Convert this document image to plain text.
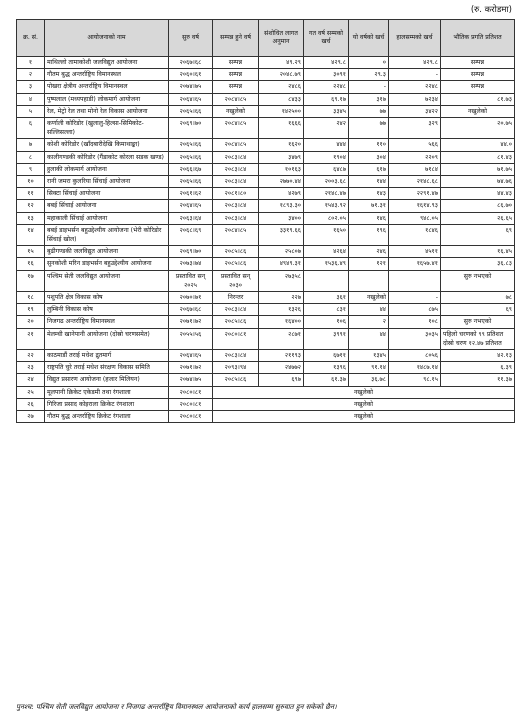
(रु. करोडमा)
क्र. सं.	आयोजनाको नाम	सुरु वर्ष	सम्पन्न हुने वर्ष	संशोधित लागत अनुमान	गत वर्ष सम्मको खर्च	यो वर्षको खर्च	हालसम्मको खर्च	भौतिक प्रगति प्रतिशत
१	माथिल्लो तामाकोशी जलविद्युत आयोजना	२०६७।६८	सम्पन्न	४९.२९	४२९.८	०	४२९.८	सम्पन्न
२	गौतम बुद्ध अन्तर्राष्ट्रिय विमानस्थल	२०६०।६१	सम्पन्न	२०४८.७९	३०९१	२९.३	-	सम्पन्न
३	पोखरा क्षेत्रीय अन्तर्राष्ट्रिय विमानस्थल	२०७४।७५	सम्पन्न	२४८६	२२४८	-	२२४८	सम्पन्न
४	पुष्पलाल (मध्यपहाडी) लोकमार्ग आयोजना	२०६४।६५	२०८४।८५	८४३३	६९.१७	३१७	७२३४	८१.७३
५	रेल, मेट्रो रेल तथा मोनो रेल विकास आयोजना	२०६५।६६	नखुलेको	१४२५००	३३४५	७७	३४२२	नखुलेको
६	कर्णाली कोरिडोर (खुलालु-हिल्सा-सिमिकोट-सल्लिसल्ला)	२०६९।७०	२०८४।८५	१६६६	२४२	७७	३२९	२०.७५
७	कोशी कोरिडोर (खाँदबारीदेखि किमाथाङ्का)	२०६५।६६	२०८४।८५	१६२०	४४४	११०	५६६	४४.०
८	कालीगण्डकी कोरिडोर (गैंडाकोट कोरला सडक खण्ड)	२०६५।६६	२०८३।८४	३४७९	१९०४	३०४	२२०९	८१.४३
९	हुलाकी लोकमार्ग आयोजना	२०६६।६७	२०८३।८४	१०१६३	६४८७	६१७	७१८४	७१.७५
१०	रानी जमरा कुलरिया सिंचाई आयोजना	२०६५।६६	२०८३।८४	२७७०.४४	२००३.६८	१४४	२१४८.६८	७४.७६
११	सिक्टा सिंचाई आयोजना	२०६१।६२	२०८१।८०	४२७९	२१४८.४७	१४३	२२९१.४७	४४.४३
१२	बबई सिंचाई आयोजना	२०६४।६५	२०८३।८४	१८९३.३०	१५४३.९२	७१.३१	१६१४.९३	८६.७०
१३	महाकाली सिंचाई आयोजना	२०६३।६४	२०८३।८४	३४००	८०२.०५	१४६	९४८.०५	२६.६५
१४	बबई डाइभर्सन बहुउद्देश्यीय आयोजना (भेरी कोरिडोर सिंचाई खोल)	२०६८।६९	२०८४।८५	३३१९.६६	१६५०	१९६	१८४६	६९
१५	बुढीगण्डकी जलविद्युत आयोजना	२०६९।७०	२०८५।८६	२५८०७	४२६४	२४६	४५११	१६.४५
१६	सुनकोशी मरिन डाइभर्सन बहुउद्देश्यीय आयोजना	२०७३।७४	२०८५।८६	४९४९.३१	१५३६.४९	१२१	१६५७.४१	३६.८३
१७	पश्चिम सेती जलविद्युत आयोजना	प्रस्तावित सन् २०२५	प्रस्तावित सन् २०३०	२७३५८				सुरु नभएको
१८	पशुपति क्षेत्र विकास कोष	२०७०।७१	निरन्तर	२२७	३६१	नखुलेको	-	७८
१९	लुम्बिनी विकास कोष	२०६७।६८	२०८३।८४	१३२६	८३१	४४	८७५	६९
२०	निजगढ अन्तर्राष्ट्रिय विमानस्थल	२०७१।७२	२०८५।८६	१६४००	१०६	२	१०८	सुरु नभएको
२१	मेलम्ची खानेपानी आयोजना (दोस्रो चरणसमेत)	२०५५।५६	२०८०।८१	२८७१	३९९१	४४	३०३५	पहिलो चरणको ९९ प्रतिशत दोस्रो चरण १२.४७ प्रतिशत
२२	काठमाडौं तराई मधेश द्रुतमार्ग	२०६४।६५	२०८३।८४	२११९३	६७११	१३४५	८०५६	४२.१३
२३	राष्ट्रपति चुरे तराई मधेश संरक्षण विकास समिति	२०७१।७२	२०९३।९४	२४७७२	१३९६	९१.१४	१४८७.१४	६.३९
२४	विद्युत प्रसारण आयोजना (हजार मिलियन)	२०७४।७५	२०८५।८६	६९७	६१.३७	३६.७८	९८.१५	११.३७
२५	मूलपानी क्रिकेट एकेडमी तथा रंगशाला	२०८०।८१	नखुलेको					
२६	गिरिजा प्रसाद कोइराला क्रिकेट रंगशाला	२०८०।८१	नखुलेको					
२७	गौतम बुद्ध अन्तर्राष्ट्रिय क्रिकेट रंगशाला	२०८०।८१	नखुलेको					
पुनश्च: पश्चिम सेती जलविद्युत आयोजना र निजगढ अन्तर्राष्ट्रिय विमानस्थल आयोजनाको कार्य हालसम्म सुरुवात हुन सकेको छैन।
